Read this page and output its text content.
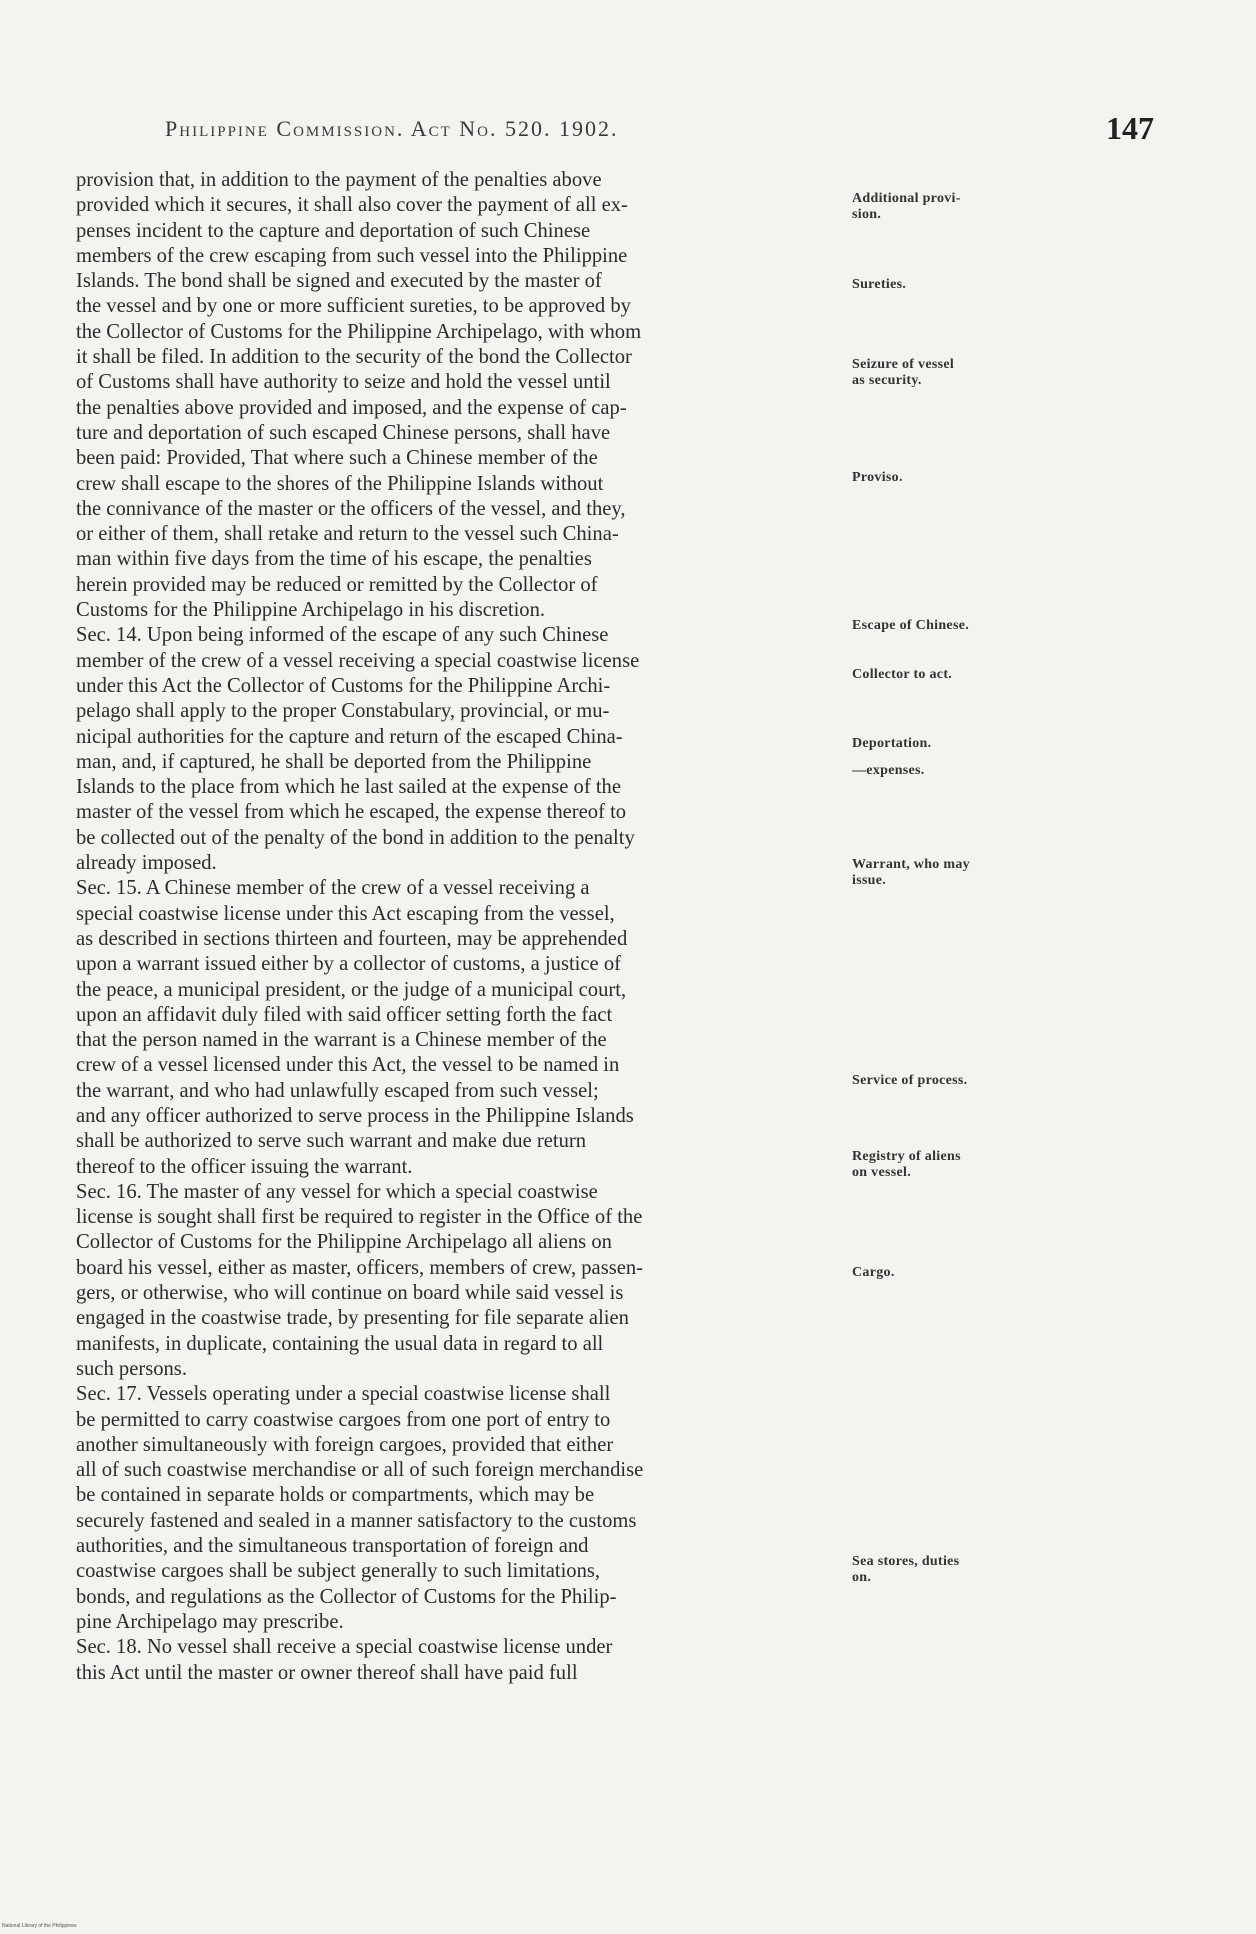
Philippine Commission. Act No. 520. 1902.	147
provision that, in addition to the payment of the penalties above
provided which it secures, it shall also cover the payment of all ex-
penses incident to the capture and deportation of such Chinese
members of the crew escaping from such vessel into the Philippine
Islands. The bond shall be signed and executed by the master of
the vessel and by one or more sufficient sureties, to be approved by
the Collector of Customs for the Philippine Archipelago, with whom
it shall be filed. In addition to the security of the bond the Collector
of Customs shall have authority to seize and hold the vessel until
the penalties above provided and imposed, and the expense of cap-
ture and deportation of such escaped Chinese persons, shall have
been paid: Provided, That where such a Chinese member of the
crew shall escape to the shores of the Philippine Islands without
the connivance of the master or the officers of the vessel, and they,
or either of them, shall retake and return to the vessel such China-
man within five days from the time of his escape, the penalties
herein provided may be reduced or remitted by the Collector of
Customs for the Philippine Archipelago in his discretion.
Sec. 14. Upon being informed of the escape of any such Chinese
member of the crew of a vessel receiving a special coastwise license
under this Act the Collector of Customs for the Philippine Archi-
pelago shall apply to the proper Constabulary, provincial, or mu-
nicipal authorities for the capture and return of the escaped China-
man, and, if captured, he shall be deported from the Philippine
Islands to the place from which he last sailed at the expense of the
master of the vessel from which he escaped, the expense thereof to
be collected out of the penalty of the bond in addition to the penalty
already imposed.
Sec. 15. A Chinese member of the crew of a vessel receiving a
special coastwise license under this Act escaping from the vessel,
as described in sections thirteen and fourteen, may be apprehended
upon a warrant issued either by a collector of customs, a justice of
the peace, a municipal president, or the judge of a municipal court,
upon an affidavit duly filed with said officer setting forth the fact
that the person named in the warrant is a Chinese member of the
crew of a vessel licensed under this Act, the vessel to be named in
the warrant, and who had unlawfully escaped from such vessel;
and any officer authorized to serve process in the Philippine Islands
shall be authorized to serve such warrant and make due return
thereof to the officer issuing the warrant.
Sec. 16. The master of any vessel for which a special coastwise
license is sought shall first be required to register in the Office of the
Collector of Customs for the Philippine Archipelago all aliens on
board his vessel, either as master, officers, members of crew, passen-
gers, or otherwise, who will continue on board while said vessel is
engaged in the coastwise trade, by presenting for file separate alien
manifests, in duplicate, containing the usual data in regard to all
such persons.
Sec. 17. Vessels operating under a special coastwise license shall
be permitted to carry coastwise cargoes from one port of entry to
another simultaneously with foreign cargoes, provided that either
all of such coastwise merchandise or all of such foreign merchandise
be contained in separate holds or compartments, which may be
securely fastened and sealed in a manner satisfactory to the customs
authorities, and the simultaneous transportation of foreign and
coastwise cargoes shall be subject generally to such limitations,
bonds, and regulations as the Collector of Customs for the Philip-
pine Archipelago may prescribe.
Sec. 18. No vessel shall receive a special coastwise license under
this Act until the master or owner thereof shall have paid full
Additional provi-
sion.
Sureties.
Seizure of vessel
as security.
Proviso.
Escape of Chinese.
Collector to act.
Deportation.
—expenses.
Warrant, who may
issue.
Service of process.
Registry of aliens
on vessel.
Cargo.
Sea stores, duties
on.
National Library of the Philippines
